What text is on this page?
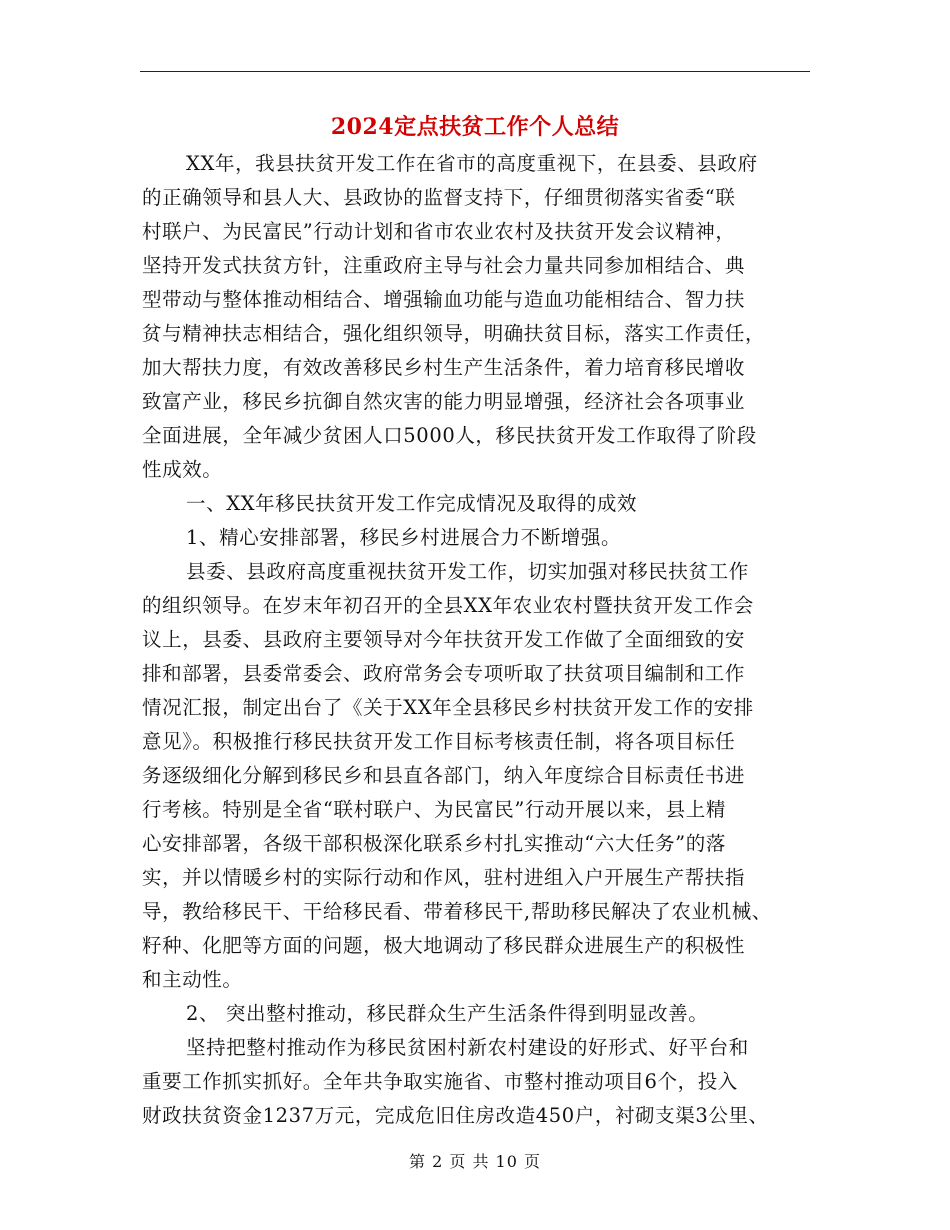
2024定点扶贫工作个人总结
XX年，我县扶贫开发工作在省市的高度重视下，在县委、县政府
的正确领导和县人大、县政协的监督支持下，仔细贯彻落实省委“联
村联户、为民富民”行动计划和省市农业农村及扶贫开发会议精神，
坚持开发式扶贫方针，注重政府主导与社会力量共同参加相结合、典
型带动与整体推动相结合、增强输血功能与造血功能相结合、智力扶
贫与精神扶志相结合，强化组织领导，明确扶贫目标，落实工作责任，
加大帮扶力度，有效改善移民乡村生产生活条件，着力培育移民增收
致富产业，移民乡抗御自然灾害的能力明显增强，经济社会各项事业
全面进展，全年减少贫困人口5000人，移民扶贫开发工作取得了阶段
性成效。
一、XX年移民扶贫开发工作完成情况及取得的成效
1、精心安排部署，移民乡村进展合力不断增强。
县委、县政府高度重视扶贫开发工作，切实加强对移民扶贫工作
的组织领导。在岁末年初召开的全县XX年农业农村暨扶贫开发工作会
议上，县委、县政府主要领导对今年扶贫开发工作做了全面细致的安
排和部署，县委常委会、政府常务会专项听取了扶贫项目编制和工作
情况汇报，制定出台了《关于XX年全县移民乡村扶贫开发工作的安排
意见》。积极推行移民扶贫开发工作目标考核责任制，将各项目标任
务逐级细化分解到移民乡和县直各部门，纳入年度综合目标责任书进
行考核。特别是全省“联村联户、为民富民”行动开展以来，县上精
心安排部署，各级干部积极深化联系乡村扎实推动“六大任务”的落
实，并以情暖乡村的实际行动和作风，驻村进组入户开展生产帮扶指
导，教给移民干、干给移民看、带着移民干,帮助移民解决了农业机械、
籽种、化肥等方面的问题，极大地调动了移民群众进展生产的积极性
和主动性。
2、 突出整村推动，移民群众生产生活条件得到明显改善。
坚持把整村推动作为移民贫困村新农村建设的好形式、好平台和
重要工作抓实抓好。全年共争取实施省、市整村推动项目6个，投入
财政扶贫资金1237万元，完成危旧住房改造450户，衬砌支渠3公里、
第 2 页 共 10 页
